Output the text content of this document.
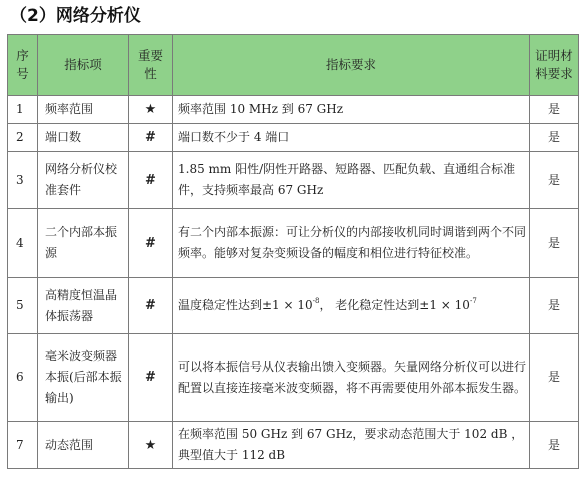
（2）网络分析仪
序号	指标项	重要性	指标要求	证明材料要求
1	频率范围	★	频率范围 10 MHz 到 67 GHz	是
2	端口数	#	端口数不少于 4 端口	是
3	网络分析仪校准套件	#	1.85 mm 阳性/阴性开路器、短路器、匹配负载、直通组合标准件，支持频率最高 67 GHz	是
4	二个内部本振源	#	有二个内部本振源：可让分析仪的内部接收机同时调谐到两个不同频率。能够对复杂变频设备的幅度和相位进行特征校准。	是
5	高精度恒温晶体振荡器	#	温度稳定性达到$\pm 1 \times 10^{-8}$， 老化稳定性达到$\pm 1 \times 10^{-7}$	是
6	毫米波变频器本振(后部本振输出)	#	可以将本振信号从仪表输出馈入变频器。矢量网络分析仪可以进行配置以直接连接毫米波变频器，将不再需要使用外部本振发生器。	是
7	动态范围	★	在频率范围 50 GHz 到 67 GHz，要求动态范围大于 102 dB ， 典型值大于 112 dB	是
